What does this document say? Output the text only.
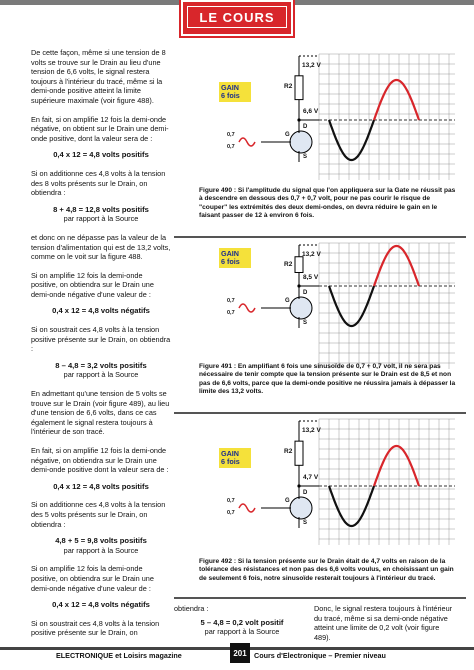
LE COURS

De cette façon, même si une tension de 8 volts se trouve sur le Drain au lieu d'une tension de 6,6 volts, le signal restera toujours à l'intérieur du tracé, même si la demi-onde positive atteint la limite supérieure maximale (voir figure 488).

En fait, si on amplifie 12 fois la demi-onde négative, on obtient sur le Drain une demi-onde positive, dont la valeur sera de :

0,4 x 12 = 4,8 volts positifs

Si on additionne ces 4,8 volts à la tension des 8 volts présents sur le Drain, on obtiendra :

8 + 4,8 = 12,8 volts positifs

par rapport à la Source

et donc on ne dépasse pas la valeur de la tension d'alimentation qui est de 13,2 volts, comme on le voit sur la figure 488.

Si on amplifie 12 fois la demi-onde positive, on obtiendra sur le Drain une demi-onde négative d'une valeur de :

0,4 x 12 = 4,8 volts négatifs

Si on soustrait ces 4,8 volts à la tension positive présente sur le Drain, on obtiendra :

8 – 4,8 = 3,2 volts positifs

par rapport à la Source

En admettant qu'une tension de 5 volts se trouve sur le Drain (voir figure 489), au lieu d'une tension de 6,6 volts, dans ce cas également le signal restera toujours à l'intérieur de son tracé.

En fait, si on amplifie 12 fois la demi-onde négative, on obtiendra sur le Drain une demi-onde positive dont la valeur sera de :

0,4 x 12 = 4,8 volts positifs

Si on additionne ces 4,8 volts à la tension des 5 volts présents sur le Drain, on obtiendra :

4,8 + 5 = 9,8 volts positifs

par rapport à la Source

Si on amplifie 12 fois la demi-onde positive, on obtiendra sur le Drain une demi-onde négative d'une valeur de :

0,4 x 12 = 4,8 volts négatifs

Si on soustrait ces 4,8 volts à la tension positive présente sur le Drain, on

GAIN
6 fois
13,2 V
R2
6,6 V
0,7
0,7
G
D
S
GAIN
6 fois
13,2 V
R2
8,5 V
0,7
0,7
G
D
S
GAIN
6 fois
13,2 V
R2
4,7 V
0,7
0,7
G
D
S
Figure 490 : Si l'amplitude du signal que l'on appliquera sur la Gate ne réussit pas à descendre en dessous des 0,7 + 0,7 volt, pour ne pas courir le risque de "couper" les extrémités des deux demi-ondes, on devra réduire le gain en le faisant passer de 12 à environ 6 fois.
Figure 491 : En amplifiant 6 fois une sinusoïde de 0,7 + 0,7 volt, il ne sera pas nécessaire de tenir compte que la tension présente sur le Drain est de 8,5 et non pas de 6,6 volts, parce que la demi-onde positive ne réussira jamais à dépasser la limite des 13,2 volts.
Figure 492 : Si la tension présente sur le Drain était de 4,7 volts en raison de la tolérance des résistances et non pas des 6,6 volts voulus, en choisissant un gain de seulement 6 fois, notre sinusoïde resterait toujours à l'intérieur du tracé.

obtiendra :

5 – 4,8 = 0,2 volt positif

par rapport à la Source

Donc, le signal restera toujours à l'intérieur du tracé, même si sa demi-onde négative atteint une limite de 0,2 volt (voir figure 489).

ELECTRONIQUE et Loisirs magazine	Cours d'Electronique – Premier niveau
201
